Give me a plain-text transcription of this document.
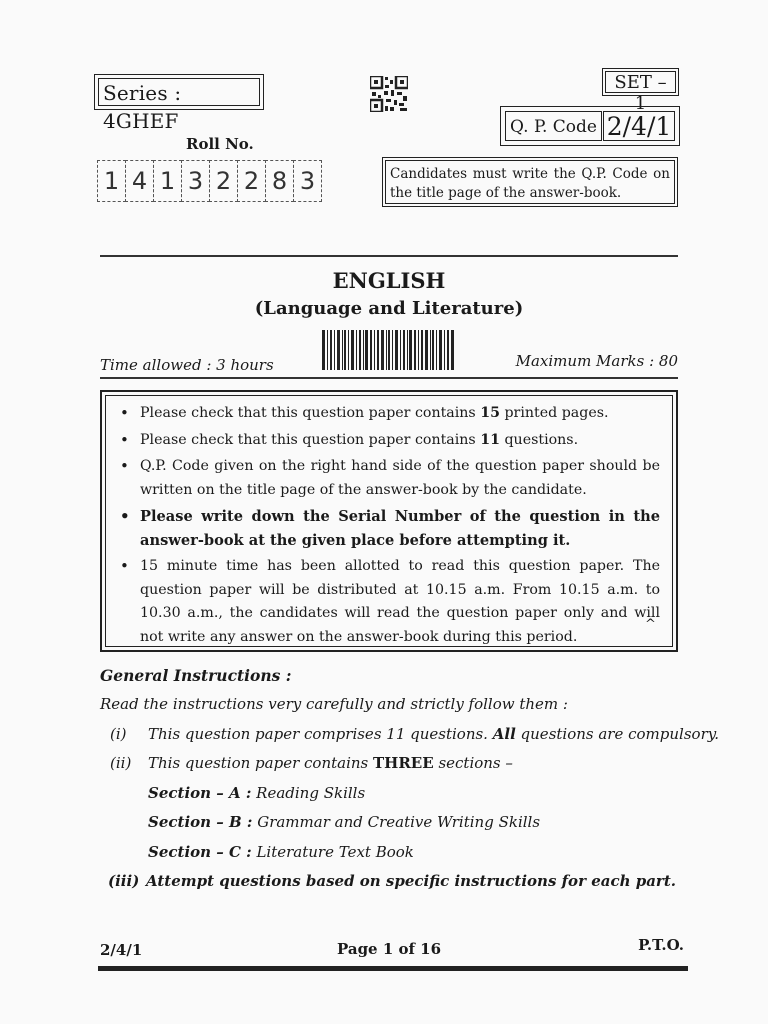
Series : 4GHEF
SET – 1
Q. P. Code 2/4/1
Roll No.
1 4 1 3 2 2 8 3	Candidates must write the Q.P. Code on the title page of the answer-book.
ENGLISH
(Language and Literature)
Time allowed : 3 hours	Maximum Marks : 80
• Please check that this question paper contains 15 printed pages.
• Please check that this question paper contains 11 questions.
• Q.P. Code given on the right hand side of the question paper should be written on the title page of the answer-book by the candidate.
• Please write down the Serial Number of the question in the answer-book at the given place before attempting it.
• 15 minute time has been allotted to read this question paper. The question paper will be distributed at 10.15 a.m. From 10.15 a.m. to 10.30 a.m., the candidates will read the question paper only and will not write any answer on the answer-book during this period.
^
General Instructions :
Read the instructions very carefully and strictly follow them :
(i) This question paper comprises 11 questions. All questions are compulsory.
(ii) This question paper contains THREE sections –
Section – A : Reading Skills
Section – B : Grammar and Creative Writing Skills
Section – C : Literature Text Book
(iii) Attempt questions based on specific instructions for each part.
2/4/1	Page 1 of 16	P.T.O.
